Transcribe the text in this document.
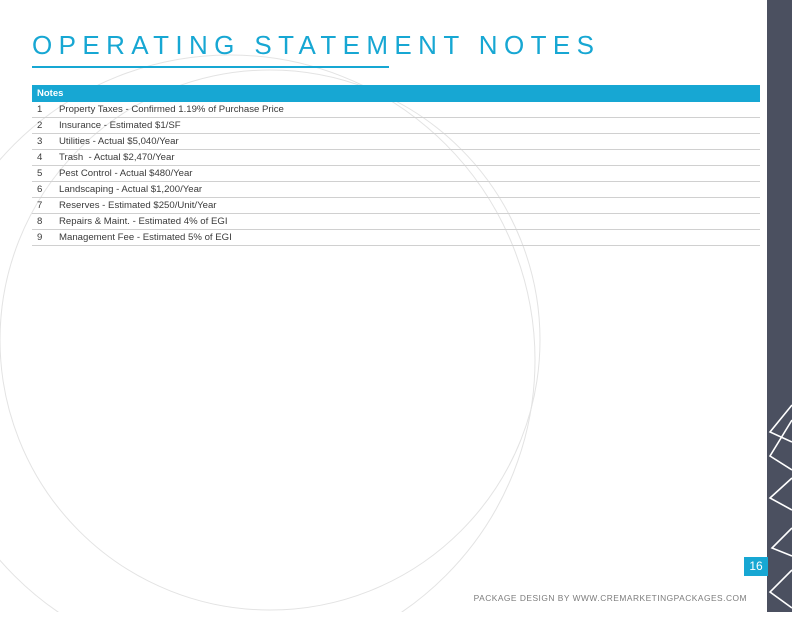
OPERATING STATEMENT NOTES
Notes
1	Property Taxes - Confirmed 1.19% of Purchase Price
2	Insurance - Estimated $1/SF
3	Utilities - Actual $5,040/Year
4	Trash  - Actual $2,470/Year
5	Pest Control - Actual $480/Year
6	Landscaping - Actual $1,200/Year
7	Reserves - Estimated $250/Unit/Year
8	Repairs & Maint. - Estimated 4% of EGI
9	Management Fee - Estimated 5% of EGI
16
PACKAGE DESIGN BY WWW.CREMARKETINGPACKAGES.COM
